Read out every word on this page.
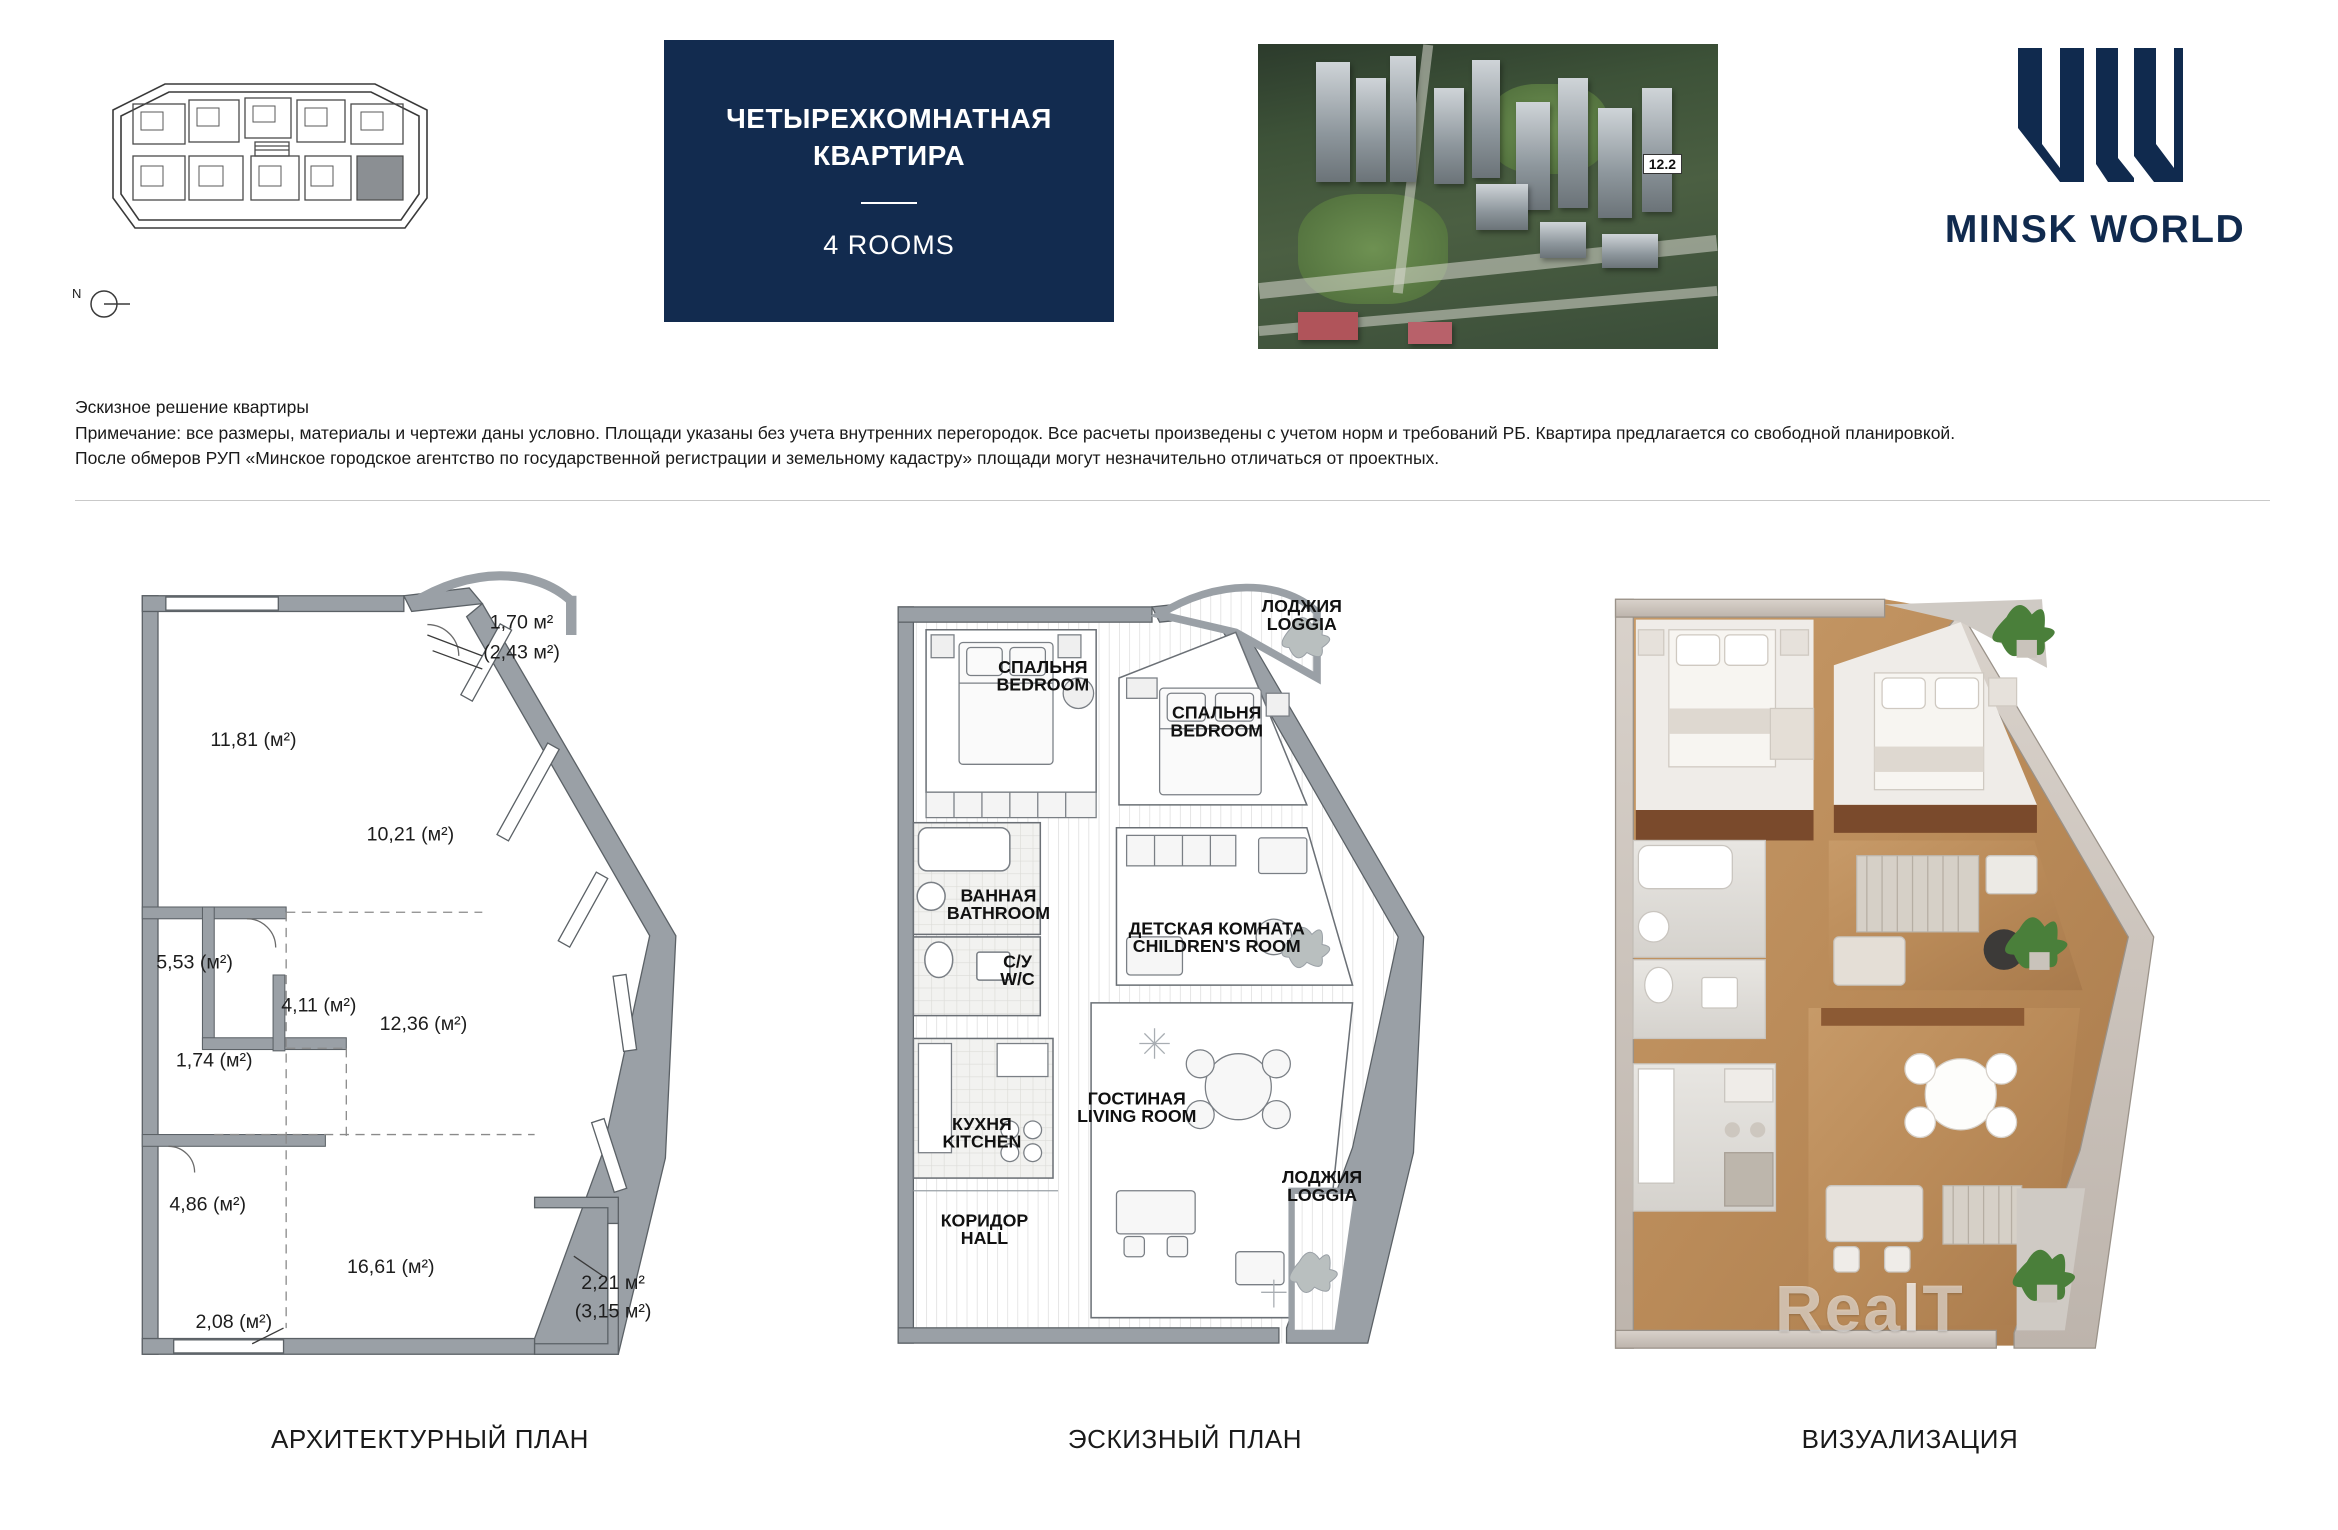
N
ЧЕТЫРЕХКОМНАТНАЯ
КВАРТИРА
4 ROOMS
12.2
MINSK WORLD
Эскизное решение квартиры
Примечание: все размеры, материалы и чертежи даны условно. Площади указаны без учета внутренних перегородок. Все расчеты произведены с учетом норм и требований РБ. Квартира предлагается со свободной планировкой.
После обмеров РУП «Минское городское агентство по государственной регистрации и земельному кадастру» площади могут незначительно отличаться от проектных.
1,70 м²
(2,43 м²)
11,81 (м²)
10,21 (м²)
5,53 (м²)
4,11 (м²)
1,74 (м²)
12,36 (м²)
4,86 (м²)
16,61 (м²)
2,21 м²
(3,15 м²)
2,08 (м²)
АРХИТЕКТУРНЫЙ ПЛАН
ЛОДЖИЯ
LOGGIA
СПАЛЬНЯ
BEDROOM
СПАЛЬНЯ
BEDROOM
ВАННАЯ
BATHROOM
С/У
W/C
ДЕТСКАЯ КОМНАТА
CHILDREN'S ROOM
КУХНЯ
KITCHEN
ГОСТИНАЯ
LIVING ROOM
ЛОДЖИЯ
LOGGIA
КОРИДОР
HALL
ЭСКИЗНЫЙ ПЛАН	ВИЗУАЛИЗАЦИЯ
RealT
